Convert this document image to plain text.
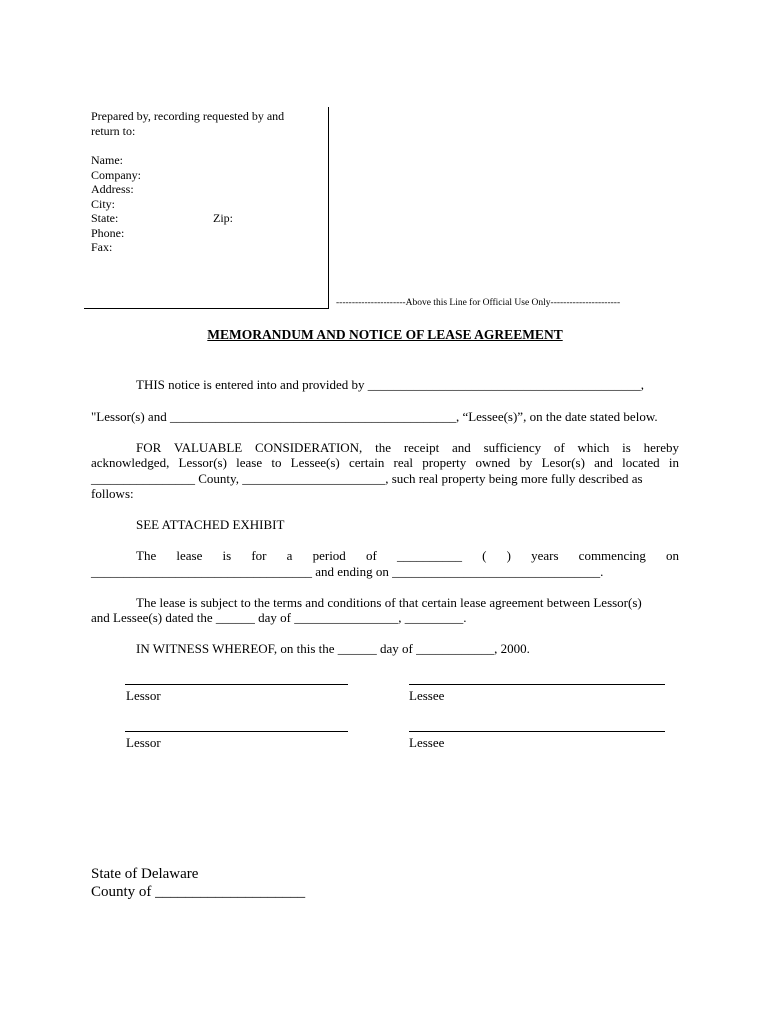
Prepared by, recording requested by and
return to:
Name:
Company:
Address:
City:
State:	Zip:
Phone:
Fax:
----------------------Above this Line for Official Use Only----------------------
MEMORANDUM AND NOTICE OF LEASE AGREEMENT
THIS notice is entered into and provided by __________________________________________,
"Lessor(s) and ____________________________________________, “Lessee(s)”, on the date stated below.
FOR VALUABLE CONSIDERATION, the receipt and sufficiency of which is hereby
acknowledged, Lessor(s) lease to Lessee(s) certain real property owned by Lesor(s) and located in
________________ County, ______________________, such real property being more fully described as
follows:
SEE ATTACHED EXHIBIT
The lease is for a period of __________ ( ) years commencing on
__________________________________ and ending on ________________________________.
The lease is subject to the terms and conditions of that certain lease agreement between Lessor(s)
and Lessee(s) dated the ______ day of ________________, _________.
IN WITNESS WHEREOF, on this the ______ day of ____________, 2000.
Lessor	Lessee
Lessor	Lessee
State of Delaware
County of ____________________
